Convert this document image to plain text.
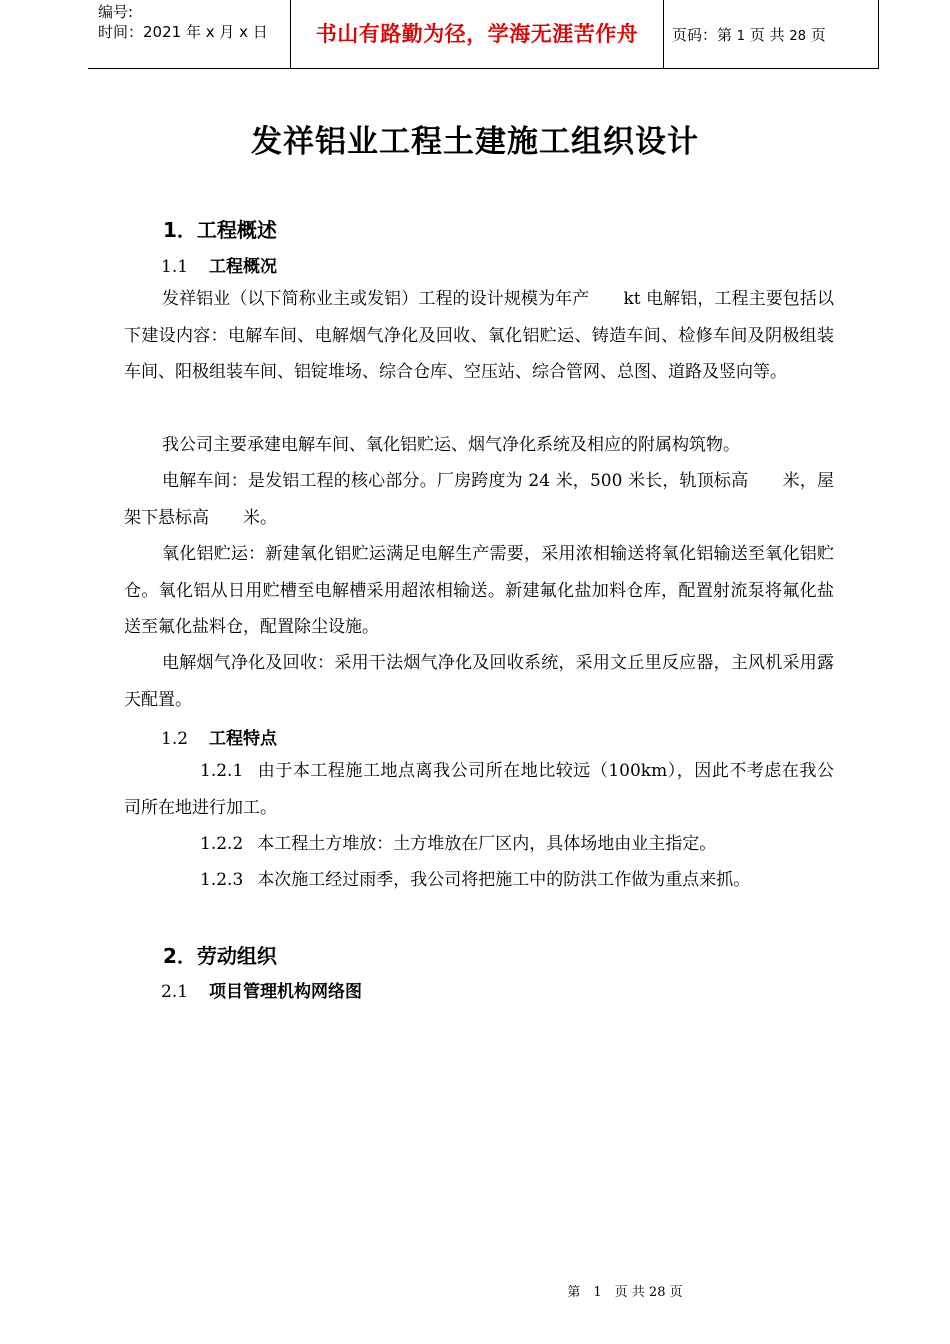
编号:
时间：2021 年 x 月 x 日	书山有路勤为径，学海无涯苦作舟	页码：第 1 页 共 28 页
发祥铝业工程土建施工组织设计
1．工程概述
1.1 工程概况
发祥铝业（以下简称业主或发铝）工程的设计规模为年产　　kt 电解铝，工程主要包括以下建设内容：电解车间、电解烟气净化及回收、氧化铝贮运、铸造车间、检修车间及阴极组装车间、阳极组装车间、铝锭堆场、综合仓库、空压站、综合管网、总图、道路及竖向等。
我公司主要承建电解车间、氧化铝贮运、烟气净化系统及相应的附属构筑物。
电解车间：是发铝工程的核心部分。厂房跨度为 24 米，500 米长，轨顶标高　　米，屋架下悬标高　　米。
氧化铝贮运：新建氧化铝贮运满足电解生产需要，采用浓相输送将氧化铝输送至氧化铝贮仓。氧化铝从日用贮槽至电解槽采用超浓相输送。新建氟化盐加料仓库，配置射流泵将氟化盐送至氟化盐料仓，配置除尘设施。
电解烟气净化及回收：采用干法烟气净化及回收系统，采用文丘里反应器，主风机采用露天配置。
1.2 工程特点
1.2.1 由于本工程施工地点离我公司所在地比较远（100km），因此不考虑在我公司所在地进行加工。
1.2.2 本工程土方堆放：土方堆放在厂区内，具体场地由业主指定。
1.2.3 本次施工经过雨季，我公司将把施工中的防洪工作做为重点来抓。
2．劳动组织
2.1 项目管理机构网络图
第　1　页 共 28 页
